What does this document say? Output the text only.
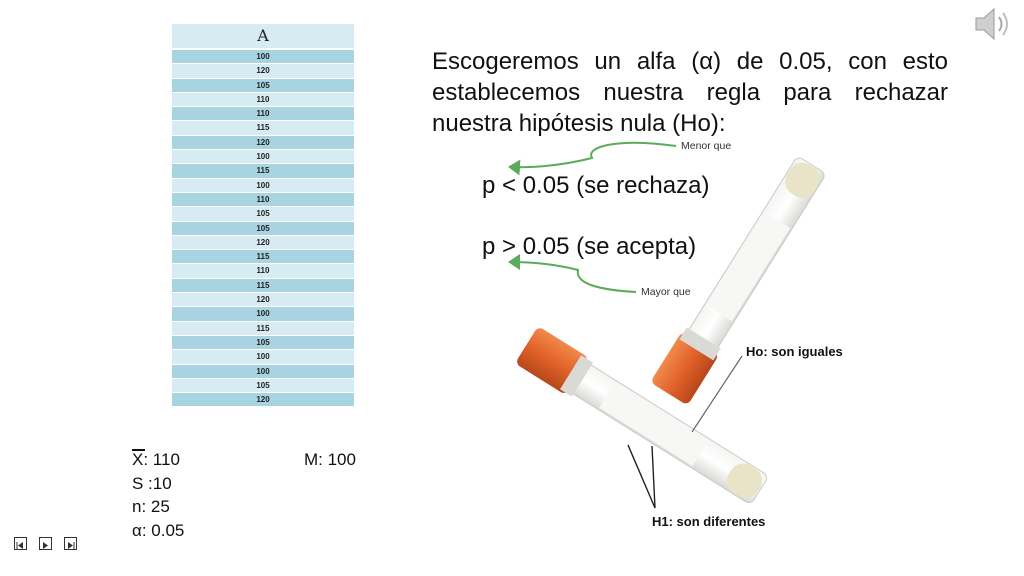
A
100
120
105
110
110
115
120
100
115
100
110
105
105
120
115
110
115
120
100
115
105
100
100
105
120
X: 110
S :10
n: 25
α: 0.05
M: 100
Escogeremos un alfa (α) de 0.05, con esto establecemos nuestra regla para rechazar nuestra hipótesis nula (Ho):
p < 0.05 (se rechaza)
p > 0.05 (se acepta)
Menor que
Mayor que
Ho: son iguales
H1: son diferentes
